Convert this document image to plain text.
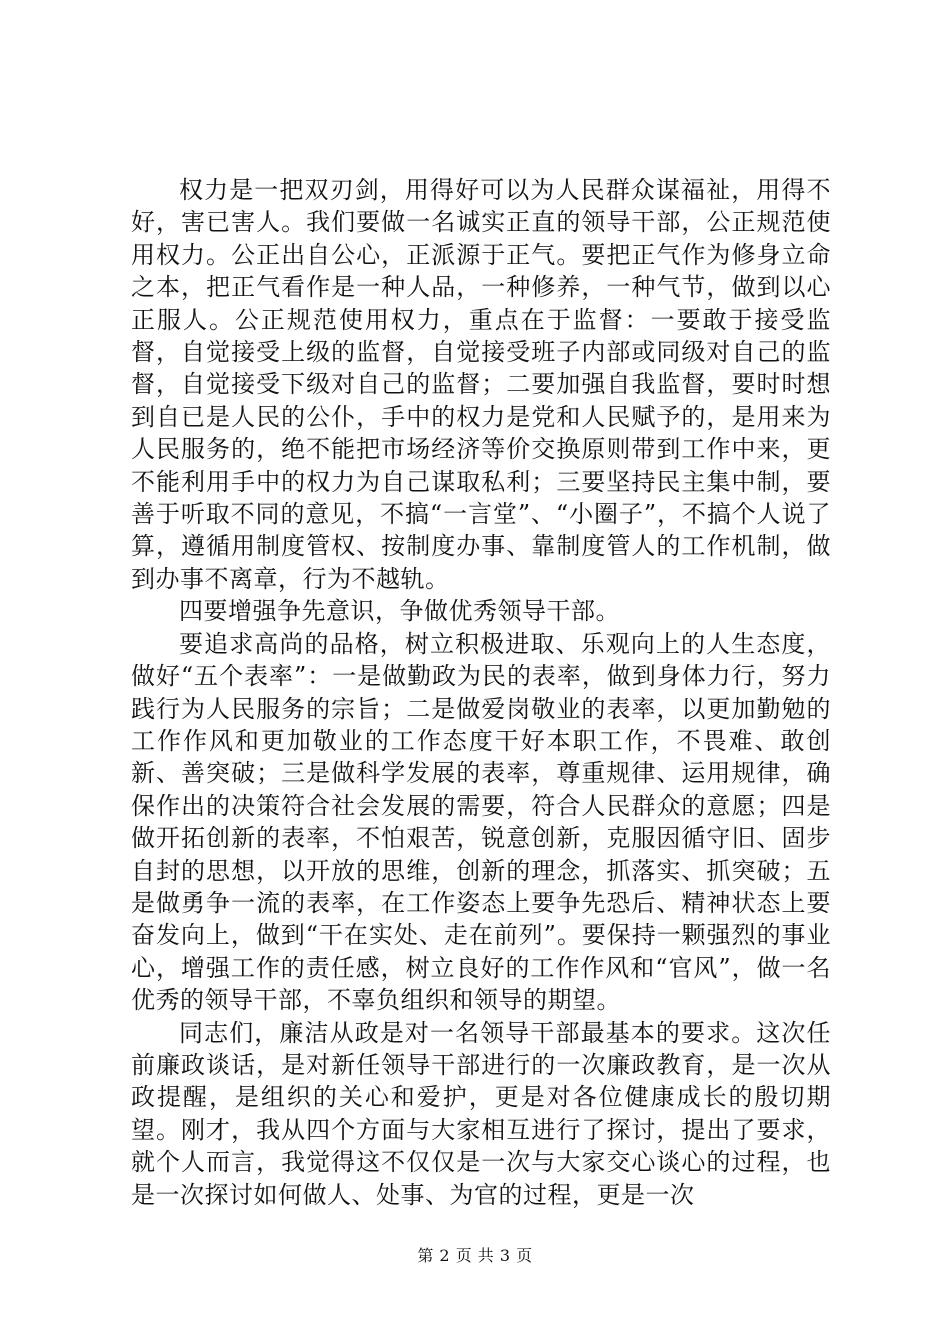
权力是一把双刃剑，用得好可以为人民群众谋福祉，用得不好，害已害人。我们要做一名诚实正直的领导干部，公正规范使用权力。公正出自公心，正派源于正气。要把正气作为修身立命之本，把正气看作是一种人品，一种修养，一种气节，做到以心正服人。公正规范使用权力，重点在于监督：一要敢于接受监督，自觉接受上级的监督，自觉接受班子内部或同级对自己的监督，自觉接受下级对自己的监督；二要加强自我监督，要时时想到自已是人民的公仆，手中的权力是党和人民赋予的，是用来为人民服务的，绝不能把市场经济等价交换原则带到工作中来，更不能利用手中的权力为自己谋取私利；三要坚持民主集中制，要善于听取不同的意见，不搞“一言堂”、“小圈子”，不搞个人说了算，遵循用制度管权、按制度办事、靠制度管人的工作机制，做到办事不离章，行为不越轨。

四要增强争先意识，争做优秀领导干部。

要追求高尚的品格，树立积极进取、乐观向上的人生态度，做好“五个表率”：一是做勤政为民的表率，做到身体力行，努力践行为人民服务的宗旨；二是做爱岗敬业的表率，以更加勤勉的工作作风和更加敬业的工作态度干好本职工作，不畏难、敢创新、善突破；三是做科学发展的表率，尊重规律、运用规律，确保作出的决策符合社会发展的需要，符合人民群众的意愿；四是做开拓创新的表率，不怕艰苦，锐意创新，克服因循守旧、固步自封的思想，以开放的思维，创新的理念，抓落实、抓突破；五是做勇争一流的表率，在工作姿态上要争先恐后、精神状态上要奋发向上，做到“干在实处、走在前列”。要保持一颗强烈的事业心，增强工作的责任感，树立良好的工作作风和“官风”，做一名优秀的领导干部，不辜负组织和领导的期望。

同志们，廉洁从政是对一名领导干部最基本的要求。这次任前廉政谈话，是对新任领导干部进行的一次廉政教育，是一次从政提醒，是组织的关心和爱护，更是对各位健康成长的殷切期望。刚才，我从四个方面与大家相互进行了探讨，提出了要求，就个人而言，我觉得这不仅仅是一次与大家交心谈心的过程，也是一次探讨如何做人、处事、为官的过程，更是一次

第 2 页 共 3 页
